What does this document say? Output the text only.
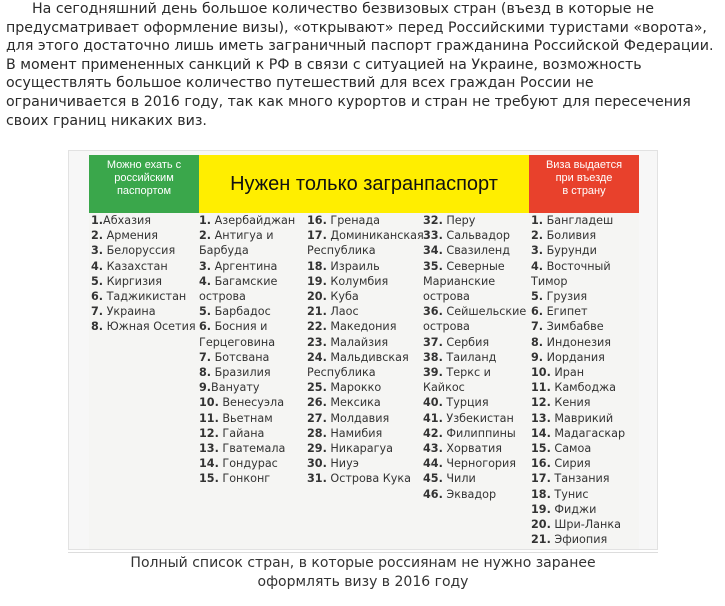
На сегодняшний день большое количество безвизовых стран (въезд в которые не

предусматривает оформление визы), «открывают» перед Российскими туристами «ворота»,

для этого достаточно лишь иметь заграничный паспорт гражданина Российской Федерации.

В момент примененных санкций к РФ в связи с ситуацией на Украине, возможность

осуществлять большое количество путешествий для всех граждан России не

ограничивается в 2016 году, так как много курортов и стран не требуют для пересечения

своих границ никаких виз.

Можно ехать с
российским
паспортом	Нужен только загранпаспорт
Виза выдается
при въезде
в страну
1.Абхазия
2. Армения
3. Белоруссия
4. Казахстан
5. Киргизия
6. Таджикистан
7. Украина
8. Южная Осетия
1. Азербайджан
2. Антигуа и
Барбуда
3. Аргентина
4. Багамские
острова
5. Барбадос
6. Босния и
Герцеговина
7. Ботсвана
8. Бразилия
9.Вануату
10. Венесуэла
11. Вьетнам
12. Гайана
13. Гватемала
14. Гондурас
15. Гонконг
16. Гренада
17. Доминиканская
Республика
18. Израиль
19. Колумбия
20. Куба
21. Лаос
22. Македония
23. Малайзия
24. Мальдивская
Республика
25. Марокко
26. Мексика
27. Молдавия
28. Намибия
29. Никарагуа
30. Ниуэ
31. Острова Кука
32. Перу
33. Сальвадор
34. Свазиленд
35. Северные
Марианские
острова
36. Сейшельские
острова
37. Сербия
38. Таиланд
39. Теркс и
Кайкос
40. Турция
41. Узбекистан
42. Филиппины
43. Хорватия
44. Черногория
45. Чили
46. Эквадор
1. Бангладеш
2. Боливия
3. Бурунди
4. Восточный
Тимор
5. Грузия
6. Египет
7. Зимбабве
8. Индонезия
9. Иордания
10. Иран
11. Камбоджа
12. Кения
13. Маврикий
14. Мадагаскар
15. Самоа
16. Сирия
17. Танзания
18. Тунис
19. Фиджи
20. Шри-Ланка
21. Эфиопия
Полный список стран, в которые россиянам не нужно заранее
оформлять визу в 2016 году
